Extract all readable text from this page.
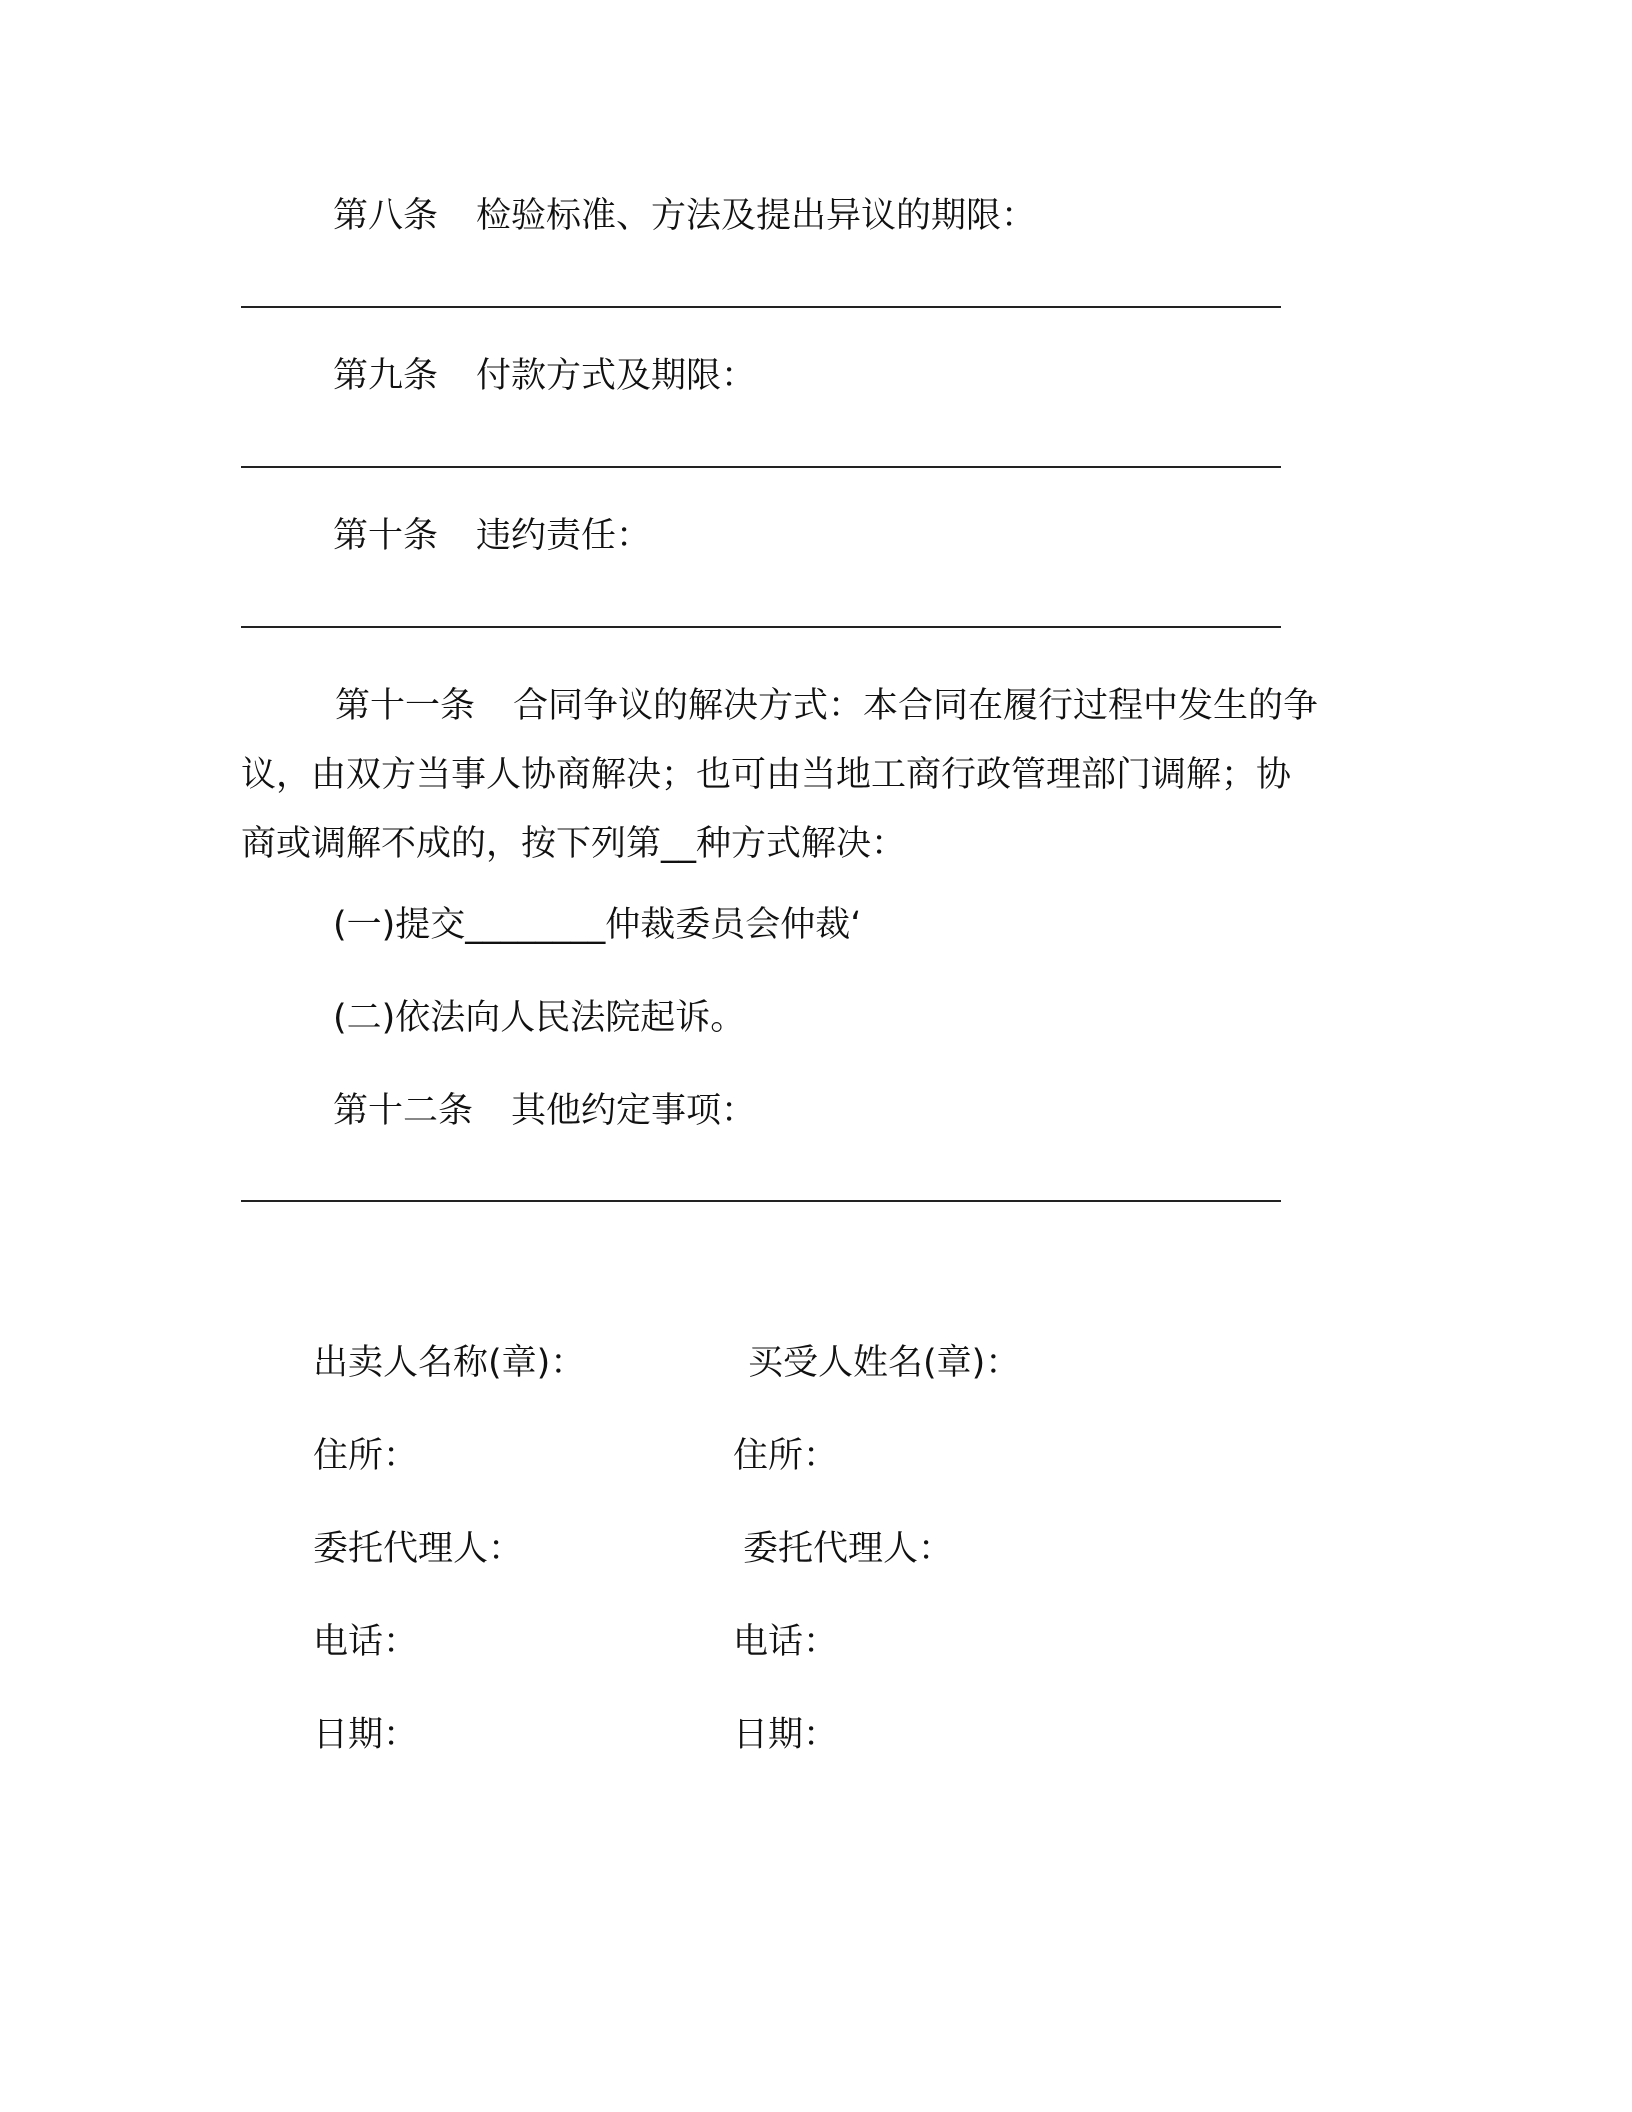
第八条 检验标准、方法及提出异议的期限：
第九条 付款方式及期限：
第十条 违约责任：
第十一条 合同争议的解决方式：本合同在履行过程中发生的争
议，由双方当事人协商解决；也可由当地工商行政管理部门调解；协
商或调解不成的，按下列第__种方式解决：
(一)提交________仲裁委员会仲裁‘
(二)依法向人民法院起诉。
第十二条 其他约定事项：
出卖人名称(章)：
住所：
委托代理人：
电话：
日期：
买受人姓名(章)：
住所：
委托代理人：
电话：
日期：
